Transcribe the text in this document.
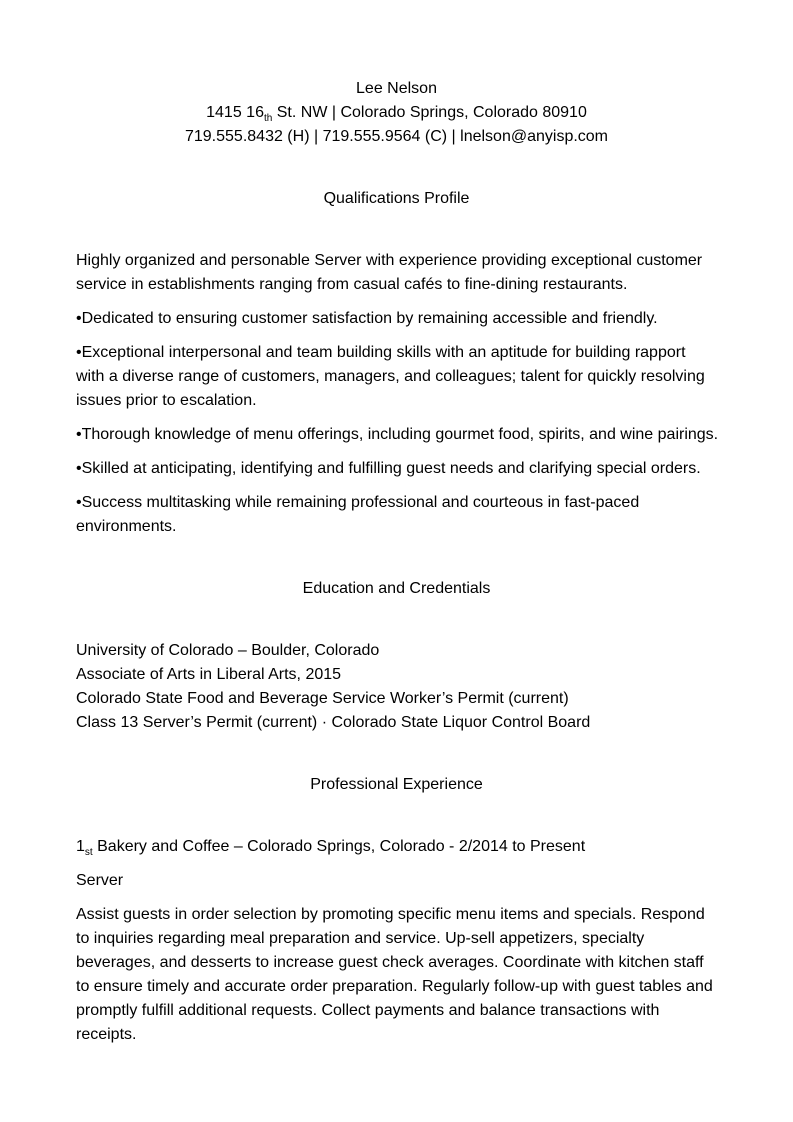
Lee Nelson
1415 $16_{th}$ St. NW | Colorado Springs, Colorado 80910
719.555.8432 (H) | 719.555.9564 (C) | lnelson@anyisp.com
Qualifications Profile
Highly organized and personable Server with experience providing exceptional customer
service in establishments ranging from casual cafés to fine-dining restaurants.
•Dedicated to ensuring customer satisfaction by remaining accessible and friendly.
•Exceptional interpersonal and team building skills with an aptitude for building rapport
with a diverse range of customers, managers, and colleagues; talent for quickly resolving
issues prior to escalation.
•Thorough knowledge of menu offerings, including gourmet food, spirits, and wine pairings.
•Skilled at anticipating, identifying and fulfilling guest needs and clarifying special orders.
•Success multitasking while remaining professional and courteous in fast-paced
environments.
Education and Credentials
University of Colorado – Boulder, Colorado
Associate of Arts in Liberal Arts, 2015
Colorado State Food and Beverage Service Worker’s Permit (current)
Class 13 Server’s Permit (current) · Colorado State Liquor Control Board
Professional Experience
$1_{st}$ Bakery and Coffee – Colorado Springs, Colorado - 2/2014 to Present
Server
Assist guests in order selection by promoting specific menu items and specials. Respond
to inquiries regarding meal preparation and service. Up-sell appetizers, specialty
beverages, and desserts to increase guest check averages. Coordinate with kitchen staff
to ensure timely and accurate order preparation. Regularly follow-up with guest tables and
promptly fulfill additional requests. Collect payments and balance transactions with
receipts.
